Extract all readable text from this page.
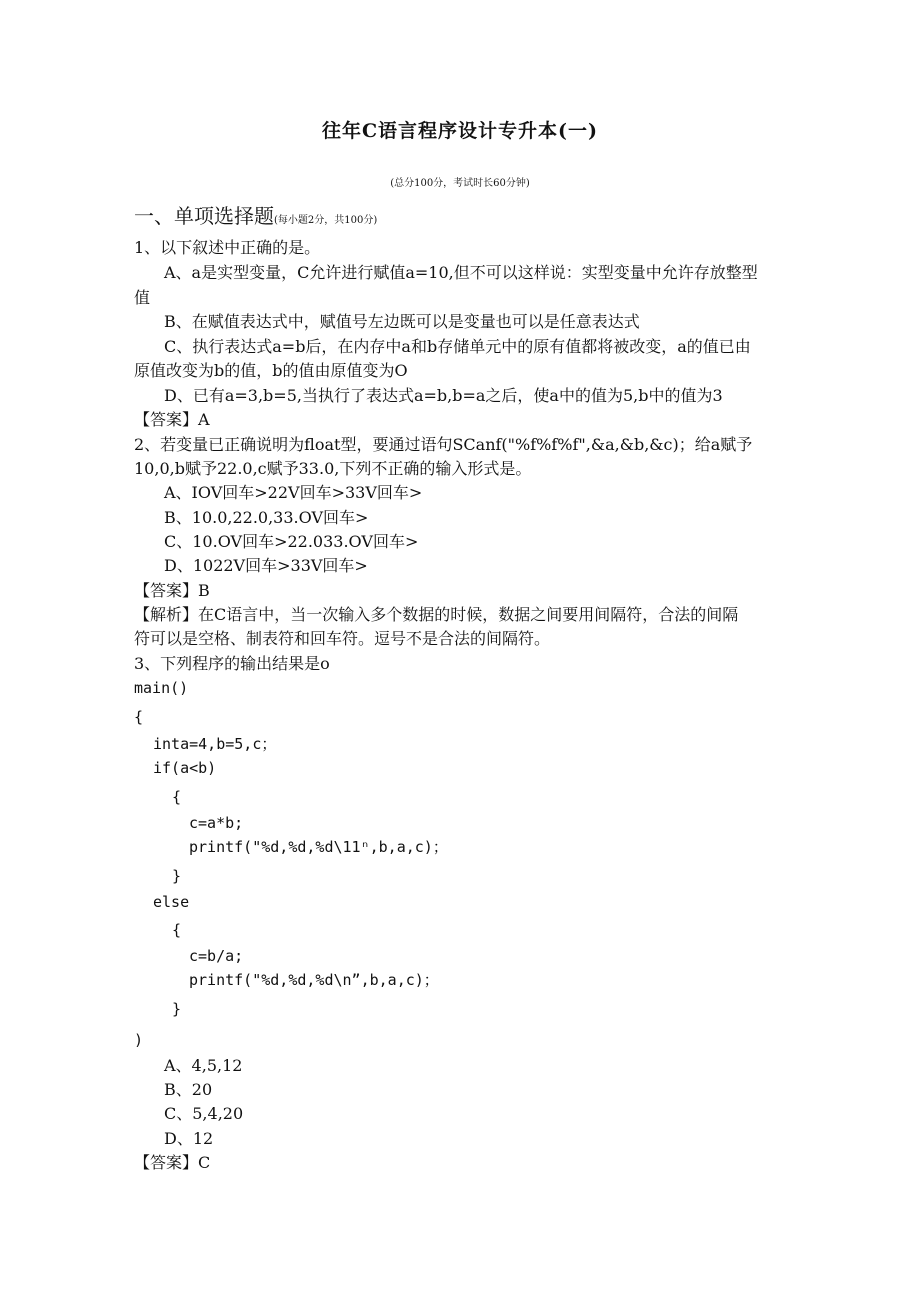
往年C语言程序设计专升本(一)
(总分100分，考试时长60分钟)
一、单项选择题(每小题2分，共100分)
1、以下叙述中正确的是。
A、a是实型变量，C允许进行赋值a=10,但不可以这样说：实型变量中允许存放整型
值
B、在赋值表达式中，赋值号左边既可以是变量也可以是任意表达式
C、执行表达式a=b后，在内存中a和b存储单元中的原有值都将被改变，a的值已由
原值改变为b的值，b的值由原值变为O
D、已有a=3,b=5,当执行了表达式a=b,b=a之后，使a中的值为5,b中的值为3
【答案】A
2、若变量已正确说明为float型，要通过语句SCanf("%f%f%f",&a,&b,&c)；给a赋予
10,0,b赋予22.0,c赋予33.0,下列不正确的输入形式是。
A、IOV回车>22V回车>33V回车>
B、10.0,22.0,33.OV回车>
C、10.OV回车>22.033.OV回车>
D、1022V回车>33V回车>
【答案】B
【解析】在C语言中，当一次输入多个数据的时候，数据之间要用间隔符，合法的间隔
符可以是空格、制表符和回车符。逗号不是合法的间隔符。
3、下列程序的输出结果是o
main()
{
inta=4,b=5,c；
if(a<b)
{
c=a*b;
printf("%d,%d,%d\11ⁿ,b,a,c)；
}
else
{
c=b/a;
printf("%d,%d,%d\n”,b,a,c)；
}
)
A、4,5,12
B、20
C、5,4,20
D、12
【答案】C
